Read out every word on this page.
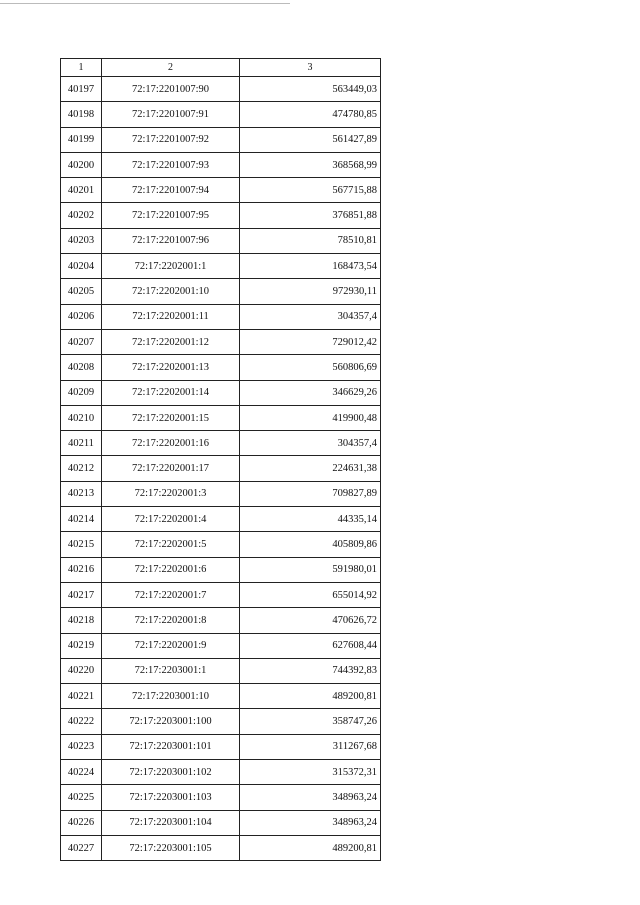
1	2	3
40197	72:17:2201007:90	563449,03
40198	72:17:2201007:91	474780,85
40199	72:17:2201007:92	561427,89
40200	72:17:2201007:93	368568,99
40201	72:17:2201007:94	567715,88
40202	72:17:2201007:95	376851,88
40203	72:17:2201007:96	78510,81
40204	72:17:2202001:1	168473,54
40205	72:17:2202001:10	972930,11
40206	72:17:2202001:11	304357,4
40207	72:17:2202001:12	729012,42
40208	72:17:2202001:13	560806,69
40209	72:17:2202001:14	346629,26
40210	72:17:2202001:15	419900,48
40211	72:17:2202001:16	304357,4
40212	72:17:2202001:17	224631,38
40213	72:17:2202001:3	709827,89
40214	72:17:2202001:4	44335,14
40215	72:17:2202001:5	405809,86
40216	72:17:2202001:6	591980,01
40217	72:17:2202001:7	655014,92
40218	72:17:2202001:8	470626,72
40219	72:17:2202001:9	627608,44
40220	72:17:2203001:1	744392,83
40221	72:17:2203001:10	489200,81
40222	72:17:2203001:100	358747,26
40223	72:17:2203001:101	311267,68
40224	72:17:2203001:102	315372,31
40225	72:17:2203001:103	348963,24
40226	72:17:2203001:104	348963,24
40227	72:17:2203001:105	489200,81
